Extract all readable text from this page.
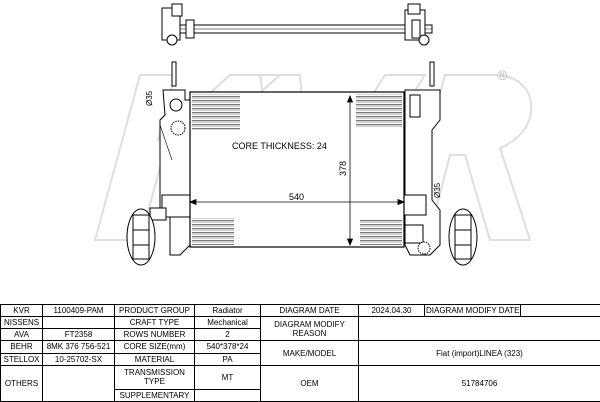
®
CORE THICKNESS: 24
540
378
Ø35
Ø35
KVR	1100409-PAM	PRODUCT GROUP	Radiator	DIAGRAM DATE	2024.04.30	DIAGRAM MODIFY DATE	
NISSENS		CRAFT TYPE	Mechanical	DIAGRAM MODIFY REASON			
AVA	FT2358	ROWS NUMBER	2				
BEHR	8MK 376 756-521	CORE SIZE(mm)	540*378*24	MAKE/MODEL	Fiat (import)LINEA (323)		
STELLOX	10-25702-SX	MATERIAL	PA				
OTHERS		TRANSMISSION TYPE	MT	OEM	51784706		
		SUPPLEMENTARY					
